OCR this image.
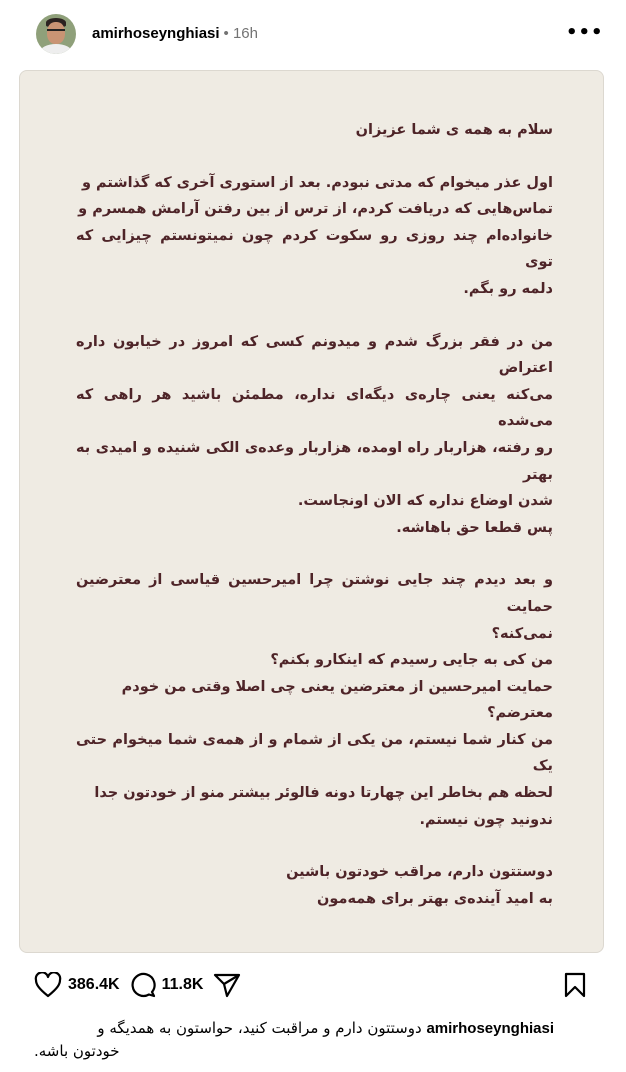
amirhoseynghiasi • 16h	•••
سلام به همه ی شما عزیزان
اول عذر میخوام که مدتی نبودم. بعد از استوری آخری که گذاشتم و
تماس‌هایی که دریافت کردم، از ترس از بین رفتن آرامش همسرم و
خانواده‌ام چند روزی رو سکوت کردم چون نمیتونستم چیزایی که توی
دلمه رو بگم.
من در فقر بزرگ شدم و میدونم کسی که امروز در خیابون داره اعتراض
می‌کنه یعنی چاره‌ی دیگه‌ای نداره، مطمئن باشید هر راهی که می‌شده
رو رفته، هزاربار راه اومده، هزاربار وعده‌ی الکی شنیده و امیدی به بهتر
شدن اوضاع نداره که الان اونجاست.
پس قطعا حق باهاشه.
و بعد دیدم چند جایی نوشتن چرا امیرحسین قیاسی از معترضین حمایت
نمی‌کنه؟
من کی به جایی رسیدم که اینکارو بکنم؟
حمایت امیرحسین از معترضین یعنی چی اصلا وقتی من خودم معترضم؟
من کنار شما نیستم، من یکی از شمام و از همه‌ی شما میخوام حتی یک
لحظه هم بخاطر این چهارتا دونه فالوئر بیشتر منو از خودتون جدا
ندونید چون نیستم.
دوستتون دارم، مراقب خودتون باشین
به امید آینده‌ی بهتر برای همه‌مون
386.4K	11.8K
amirhoseynghiasi دوستتون دارم و مراقبت کنید، حواستون به همدیگه و
خودتون باشه.
